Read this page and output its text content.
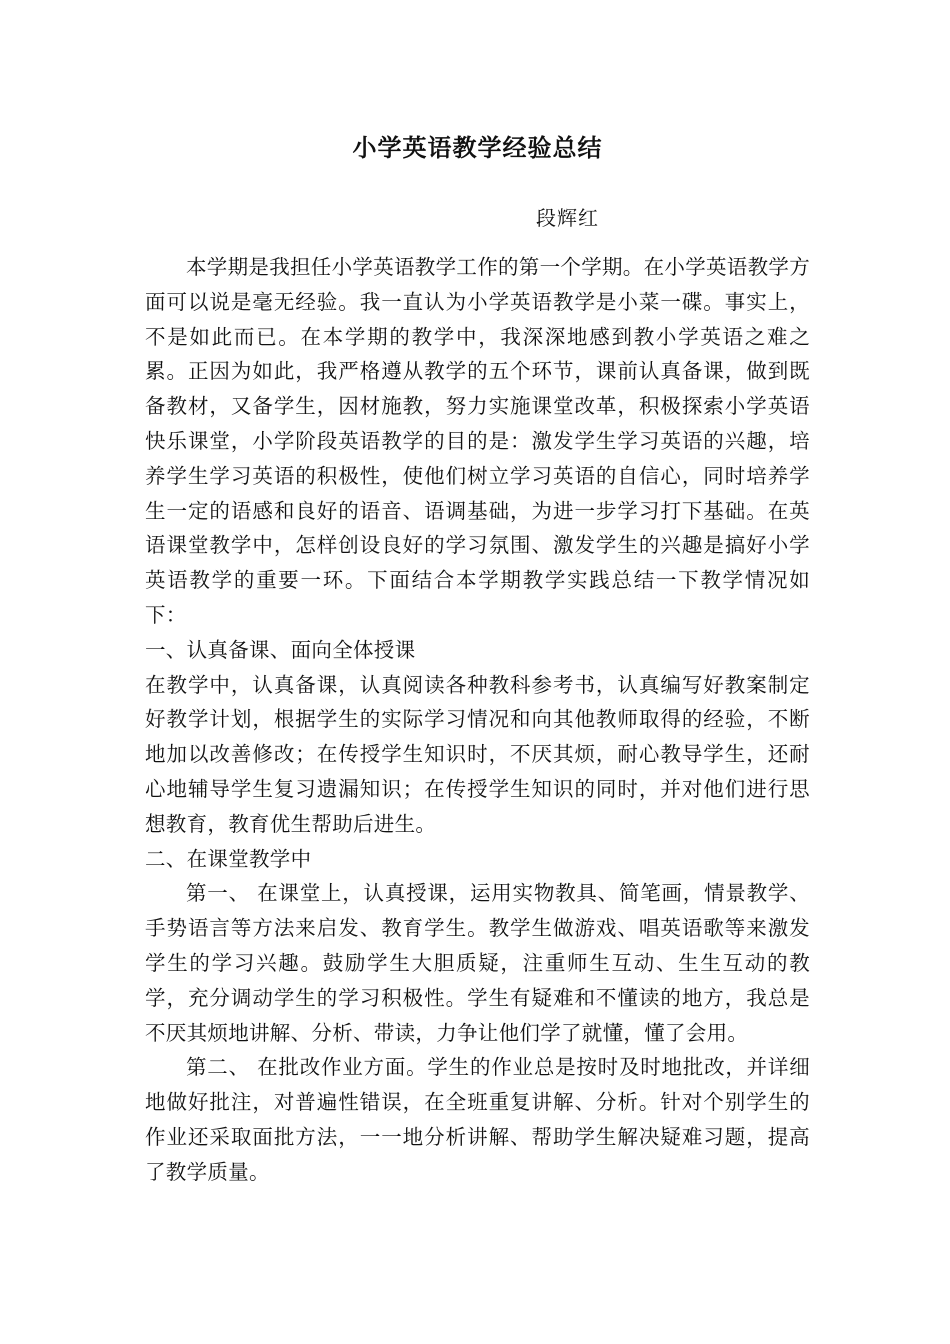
小学英语教学经验总结
段辉红

本学期是我担任小学英语教学工作的第一个学期。在小学英语教学方面可以说是毫无经验。我一直认为小学英语教学是小菜一碟。事实上，不是如此而已。在本学期的教学中，我深深地感到教小学英语之难之累。正因为如此，我严格遵从教学的五个环节，课前认真备课，做到既备教材，又备学生，因材施教，努力实施课堂改革，积极探索小学英语快乐课堂，小学阶段英语教学的目的是：激发学生学习英语的兴趣，培养学生学习英语的积极性，使他们树立学习英语的自信心，同时培养学生一定的语感和良好的语音、语调基础，为进一步学习打下基础。在英语课堂教学中，怎样创设良好的学习氛围、激发学生的兴趣是搞好小学英语教学的重要一环。下面结合本学期教学实践总结一下教学情况如下：

一、认真备课、面向全体授课

在教学中，认真备课，认真阅读各种教科参考书，认真编写好教案制定好教学计划，根据学生的实际学习情况和向其他教师取得的经验，不断地加以改善修改；在传授学生知识时，不厌其烦，耐心教导学生，还耐心地辅导学生复习遗漏知识；在传授学生知识的同时，并对他们进行思想教育，教育优生帮助后进生。

二、在课堂教学中

第一、 在课堂上，认真授课，运用实物教具、简笔画，情景教学、手势语言等方法来启发、教育学生。教学生做游戏、唱英语歌等来激发学生的学习兴趣。鼓励学生大胆质疑，注重师生互动、生生互动的教学，充分调动学生的学习积极性。学生有疑难和不懂读的地方，我总是不厌其烦地讲解、分析、带读，力争让他们学了就懂，懂了会用。

第二、 在批改作业方面。学生的作业总是按时及时地批改，并详细地做好批注，对普遍性错误，在全班重复讲解、分析。针对个别学生的作业还采取面批方法，一一地分析讲解、帮助学生解决疑难习题，提高了教学质量。
